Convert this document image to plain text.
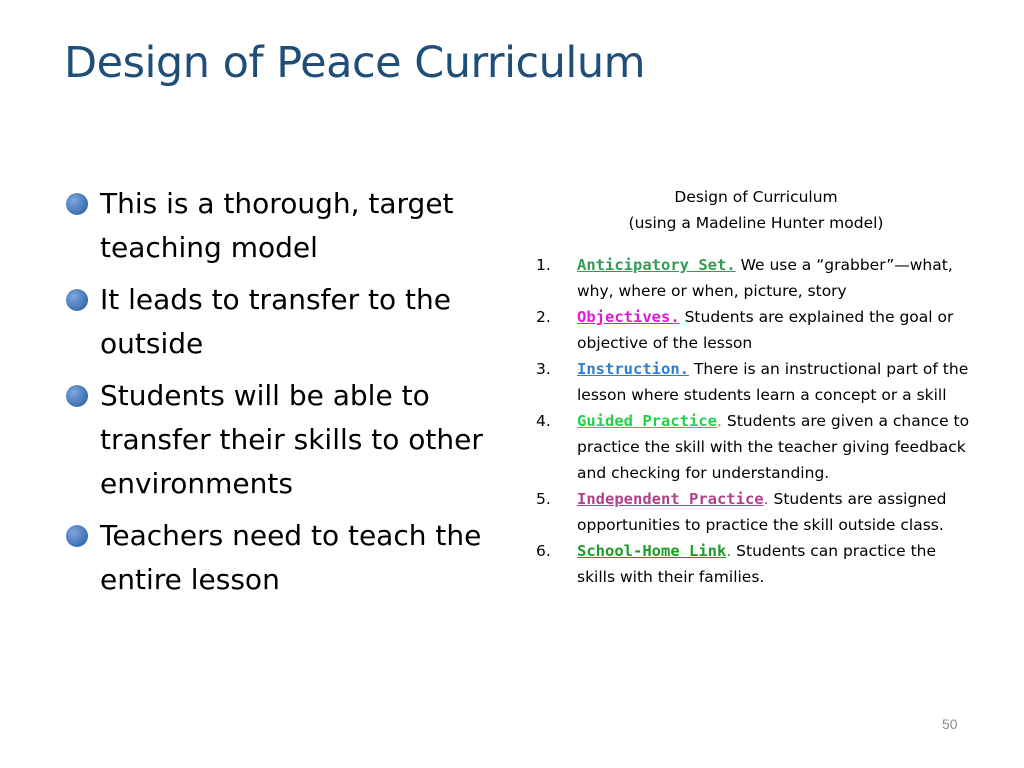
Design of Peace Curriculum
This is a thorough, target teaching model
It leads to transfer to the outside
Students will be able to transfer their skills to other environments
Teachers need to teach the entire lesson
Design of Curriculum
(using a Madeline Hunter model)
1. Anticipatory Set. We use a “grabber”—what, why, where or when, picture, story
2. Objectives. Students are explained the goal or objective of the lesson
3. Instruction. There is an instructional part of the lesson where students learn a concept or a skill
4. Guided Practice. Students are given a chance to practice the skill with the teacher giving feedback and checking for understanding.
5. Independent Practice. Students are assigned opportunities to practice the skill outside class.
6. School-Home Link. Students can practice the skills with their families.
50
